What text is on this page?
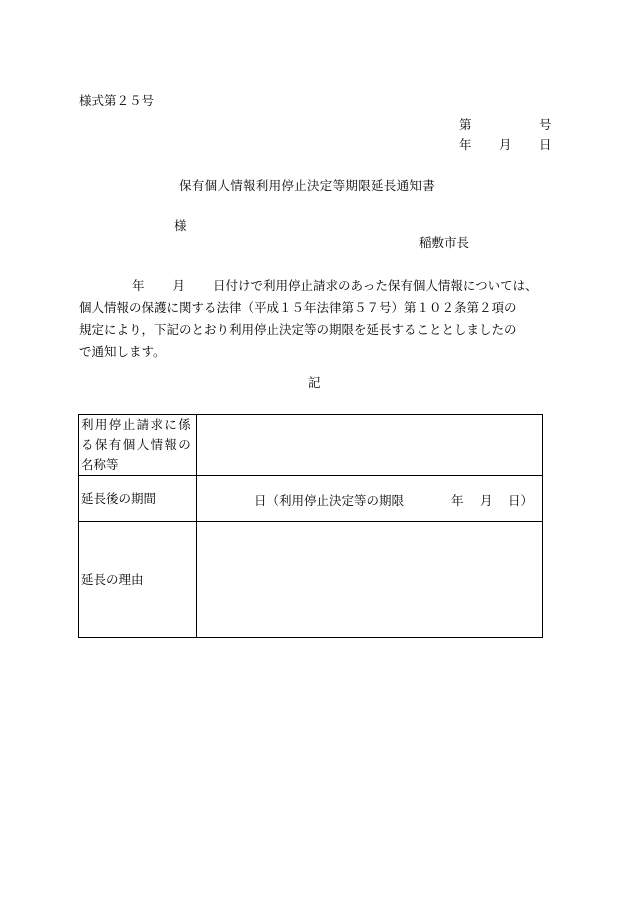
様式第２５号
第	号
年 月 日
保有個人情報利用停止決定等期限延長通知書
様
稲敷市長
年 月 日付けで利用停止請求のあった保有個人情報については、
個人情報の保護に関する法律（平成１５年法律第５７号）第１０２条第２項の
規定により，下記のとおり利用停止決定等の期限を延長することとしましたの
で通知します。
記
利用停止請求に係
る保有個人情報の
名称等	

延長後の期間	日（利用停止決定等の期限 年 月 日）

延長の理由	
